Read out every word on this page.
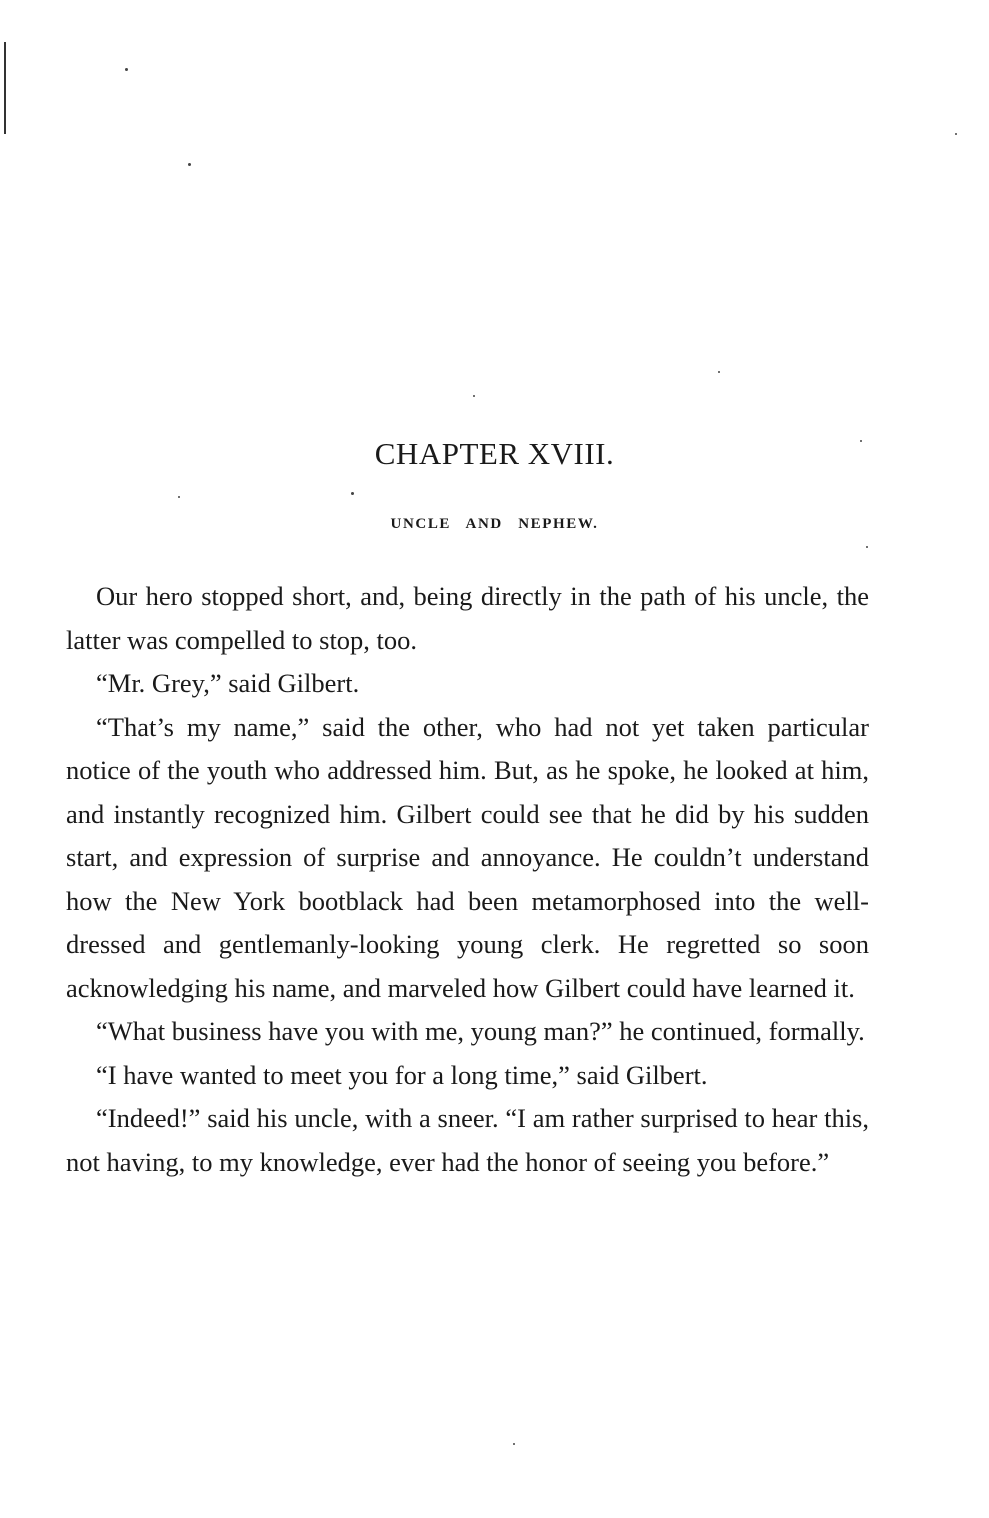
CHAPTER XVIII.
UNCLE AND NEPHEW.

Our hero stopped short, and, being directly in the path of his uncle, the latter was compelled to stop, too.

“Mr. Grey,” said Gilbert.

“That’s my name,” said the other, who had not yet taken particular notice of the youth who addressed him. But, as he spoke, he looked at him, and instantly recognized him. Gilbert could see that he did by his sudden start, and expression of surprise and annoyance. He couldn’t understand how the New York bootblack had been metamorphosed into the well-dressed and gentlemanly-looking young clerk. He regretted so soon acknowledging his name, and marveled how Gilbert could have learned it.

“What business have you with me, young man?” he continued, formally.

“I have wanted to meet you for a long time,” said Gilbert.

“Indeed!” said his uncle, with a sneer. “I am rather surprised to hear this, not having, to my knowledge, ever had the honor of seeing you before.”
